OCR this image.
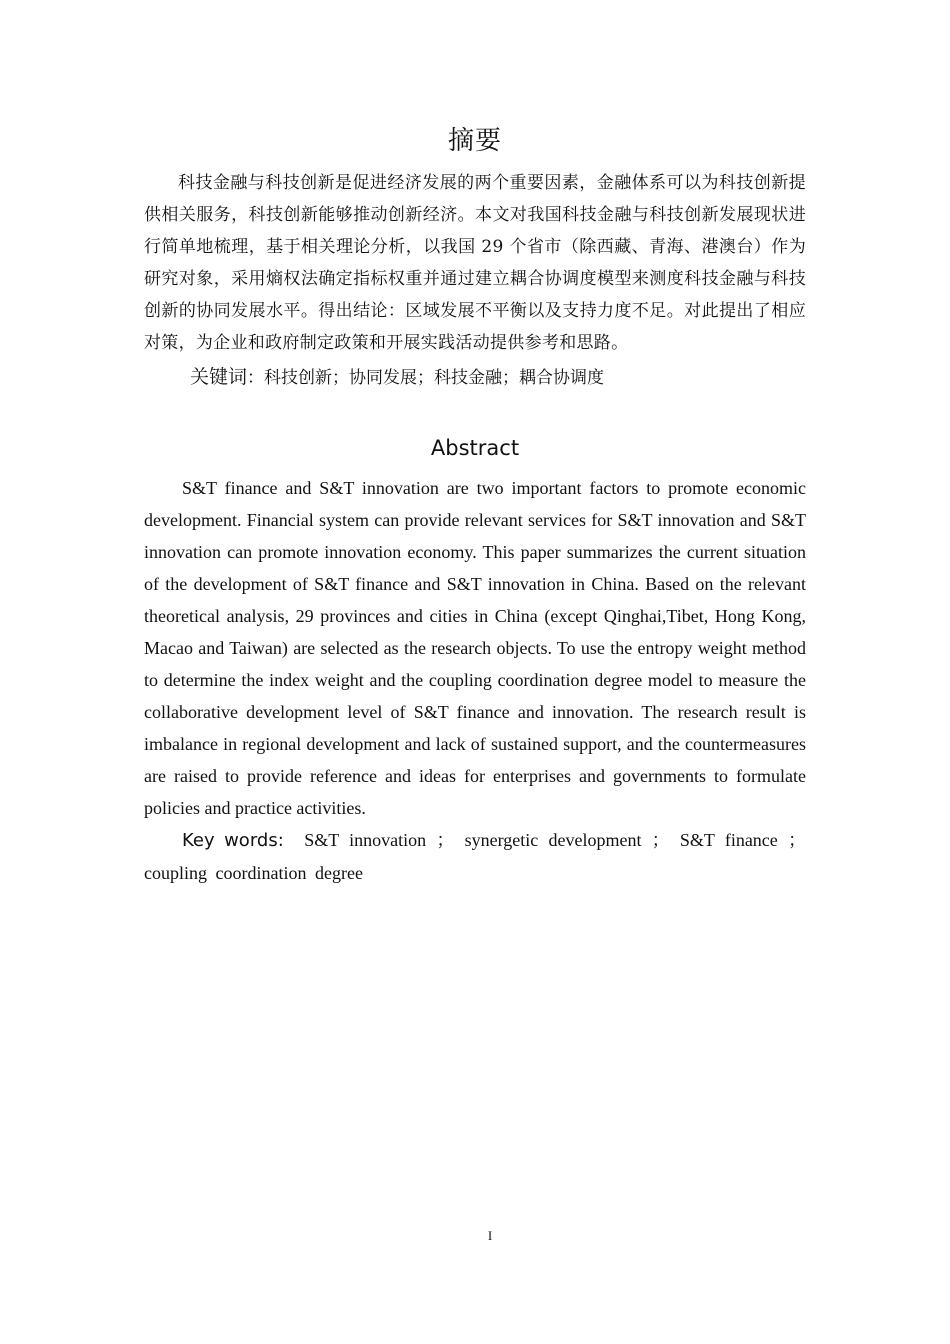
摘要

科技金融与科技创新是促进经济发展的两个重要因素，金融体系可以为科技创新提供相关服务，科技创新能够推动创新经济。本文对我国科技金融与科技创新发展现状进行简单地梳理，基于相关理论分析，以我国 29 个省市（除西藏、青海、港澳台）作为研究对象，采用熵权法确定指标权重并通过建立耦合协调度模型来测度科技金融与科技创新的协同发展水平。得出结论：区域发展不平衡以及支持力度不足。对此提出了相应对策，为企业和政府制定政策和开展实践活动提供参考和思路。

关键词：科技创新；协同发展；科技金融；耦合协调度

Abstract

S&T finance and S&T innovation are two important factors to promote economic development. Financial system can provide relevant services for S&T innovation and S&T innovation can promote innovation economy. This paper summarizes the current situation of the development of S&T finance and S&T innovation in China. Based on the relevant theoretical analysis, 29 provinces and cities in China (except Qinghai,Tibet, Hong Kong, Macao and Taiwan) are selected as the research objects. To use the entropy weight method to determine the index weight and the coupling coordination degree model to measure the collaborative development level of S&T finance and innovation. The research result is imbalance in regional development and lack of sustained support, and the countermeasures are raised to provide reference and ideas for enterprises and governments to formulate policies and practice activities.

Key words: S&T innovation ； synergetic development ； S&T finance ； coupling coordination degree

I
